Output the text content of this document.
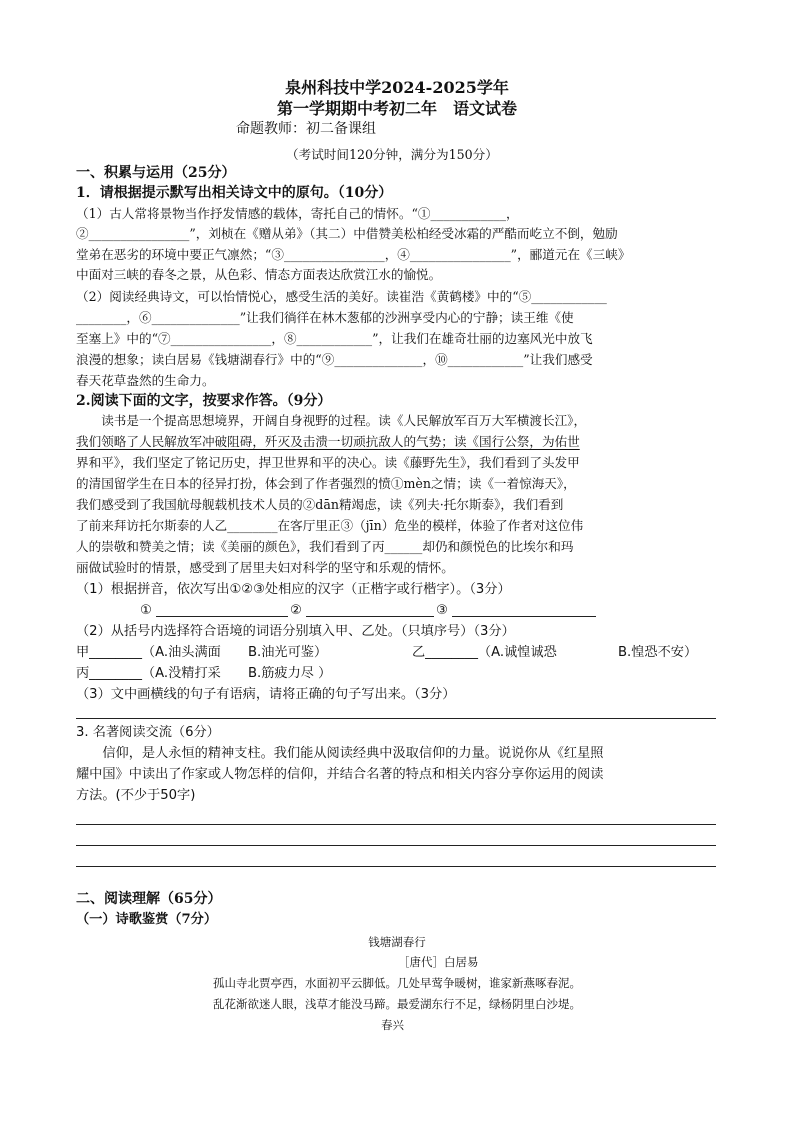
泉州科技中学2024-2025学年
第一学期期中考初二年　语文试卷
命题教师：初二备课组
（考试时间120分钟，满分为150分）
一、积累与运用（25分）
1．请根据提示默写出相关诗文中的原句。（10分）
（1）古人常将景物当作抒发情感的载体，寄托自己的情怀。“①____________，
②________________”，刘桢在《赠从弟》（其二）中借赞美松柏经受冰霜的严酷而屹立不倒，勉励
堂弟在恶劣的环境中要正气凛然；“③________________，④________________”，郦道元在《三峡》
中面对三峡的春冬之景，从色彩、情态方面表达欣赏江水的愉悦。
（2）阅读经典诗文，可以怡情悦心，感受生活的美好。读崔浩《黄鹤楼》中的“⑤____________
________，⑥______________”让我们徜徉在林木葱郁的沙洲享受内心的宁静；读王维《使
至塞上》中的“⑦________________，⑧____________”，让我们在雄奇壮丽的边塞风光中放飞
浪漫的想象；读白居易《钱塘湖春行》中的“⑨______________，⑩____________”让我们感受
春天花草盎然的生命力。
2.阅读下面的文字，按要求作答。（9分）
　　读书是一个提高思想境界，开阔自身视野的过程。读《人民解放军百万大军横渡长江》，
我们领略了人民解放军冲破阻碍，歼灭及击溃一切顽抗敌人的气势；读《国行公祭，为佑世
界和平》，我们坚定了铭记历史，捍卫世界和平的决心。读《藤野先生》，我们看到了头发甲
的清国留学生在日本的径异打扮，体会到了作者强烈的愤①mèn之情；读《一着惊海天》，
我们感受到了我国航母舰载机技术人员的②dān精竭虑，读《列夫·托尔斯泰》，我们看到
了前来拜访托尔斯泰的人乙________在客厅里正③（jīn）危坐的模样，体验了作者对这位伟
人的崇敬和赞美之情；读《美丽的颜色》，我们看到了丙______却仍和颜悦色的比埃尔和玛
丽做试验时的情景，感受到了居里夫妇对科学的坚守和乐观的情怀。
（1）根据拼音，依次写出①②③处相应的汉字（正楷字或行楷字）。（3分）
①	②	③
（2）从括号内选择符合语境的词语分别填入甲、乙处。（只填序号）（3分）
甲________（A.油头满面 B.油光可鉴）	乙________（A.诚惶诚恐	B.惶恐不安）
丙________（A.没精打采 B.筋疲力尽 ）
（3）文中画横线的句子有语病，请将正确的句子写出来。（3分）
3. 名著阅读交流（6分）
　　信仰，是人永恒的精神支柱。我们能从阅读经典中汲取信仰的力量。说说你从《红星照
耀中国》中读出了作家或人物怎样的信仰，并结合名著的特点和相关内容分享你运用的阅读
方法。(不少于50字)
二、阅读理解（65分）
（一）诗歌鉴赏（7分）
钱塘湖春行
［唐代］白居易
孤山寺北贾亭西，水面初平云脚低。几处早莺争暖树，谁家新燕啄春泥。
乱花渐欲迷人眼，浅草才能没马蹄。最爱湖东行不足，绿杨阴里白沙堤。
春兴
